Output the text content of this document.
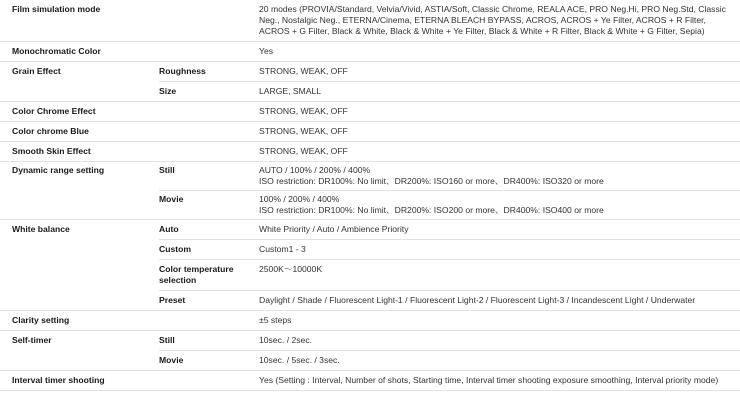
Film simulation mode		20 modes (PROVIA/Standard, Velvia/Vivid, ASTIA/Soft, Classic Chrome, REALA ACE, PRO Neg.Hi, PRO Neg.Std, Classic Neg., Nostalgic Neg., ETERNA/Cinema, ETERNA BLEACH BYPASS, ACROS, ACROS + Ye Filter, ACROS + R Filter, ACROS + G Filter, Black & White, Black & White + Ye Filter, Black & White + R Filter, Black & White + G Filter, Sepia)

Monochromatic Color		Yes

Grain Effect	Roughness	STRONG, WEAK, OFF

	Size	LARGE, SMALL

Color Chrome Effect		STRONG, WEAK, OFF

Color chrome Blue		STRONG, WEAK, OFF

Smooth Skin Effect		STRONG, WEAK, OFF

Dynamic range setting	Still	AUTO / 100% / 200% / 400%
ISO restriction: DR100%: No limit、DR200%: ISO160 or more、DR400%: ISO320 or more

	Movie	100% / 200% / 400%
ISO restriction: DR100%: No limit、DR200%: ISO200 or more、DR400%: ISO400 or more

White balance	Auto	White Priority / Auto / Ambience Priority

	Custom	Custom1 - 3

	Color temperature selection	2500K〜10000K

	Preset	Daylight / Shade / Fluorescent Light-1 / Fluorescent Light-2 / Fluorescent Light-3 / Incandescent Light / Underwater

Clarity setting		±5 steps

Self-timer	Still	10sec. / 2sec.

	Movie	10sec. / 5sec. / 3sec.

Interval timer shooting		Yes (Setting : Interval, Number of shots, Starting time, Interval timer shooting exposure smoothing, Interval priority mode)
